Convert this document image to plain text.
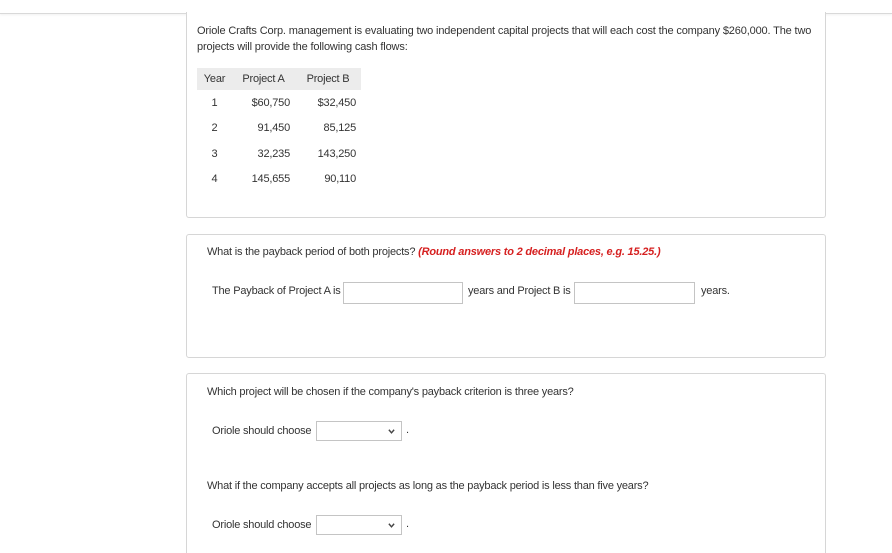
Oriole Crafts Corp. management is evaluating two independent capital projects that will each cost the company $260,000. The two projects will provide the following cash flows:
Year	Project A	Project B
1	$60,750	$32,450
2	91,450	85,125
3	32,235	143,250
4	145,655	90,110
What is the payback period of both projects? (Round answers to 2 decimal places, e.g. 15.25.)
The Payback of Project A is	years and Project B is	years.
Which project will be chosen if the company's payback criterion is three years?
Oriole should choose	.
What if the company accepts all projects as long as the payback period is less than five years?
Oriole should choose	.
